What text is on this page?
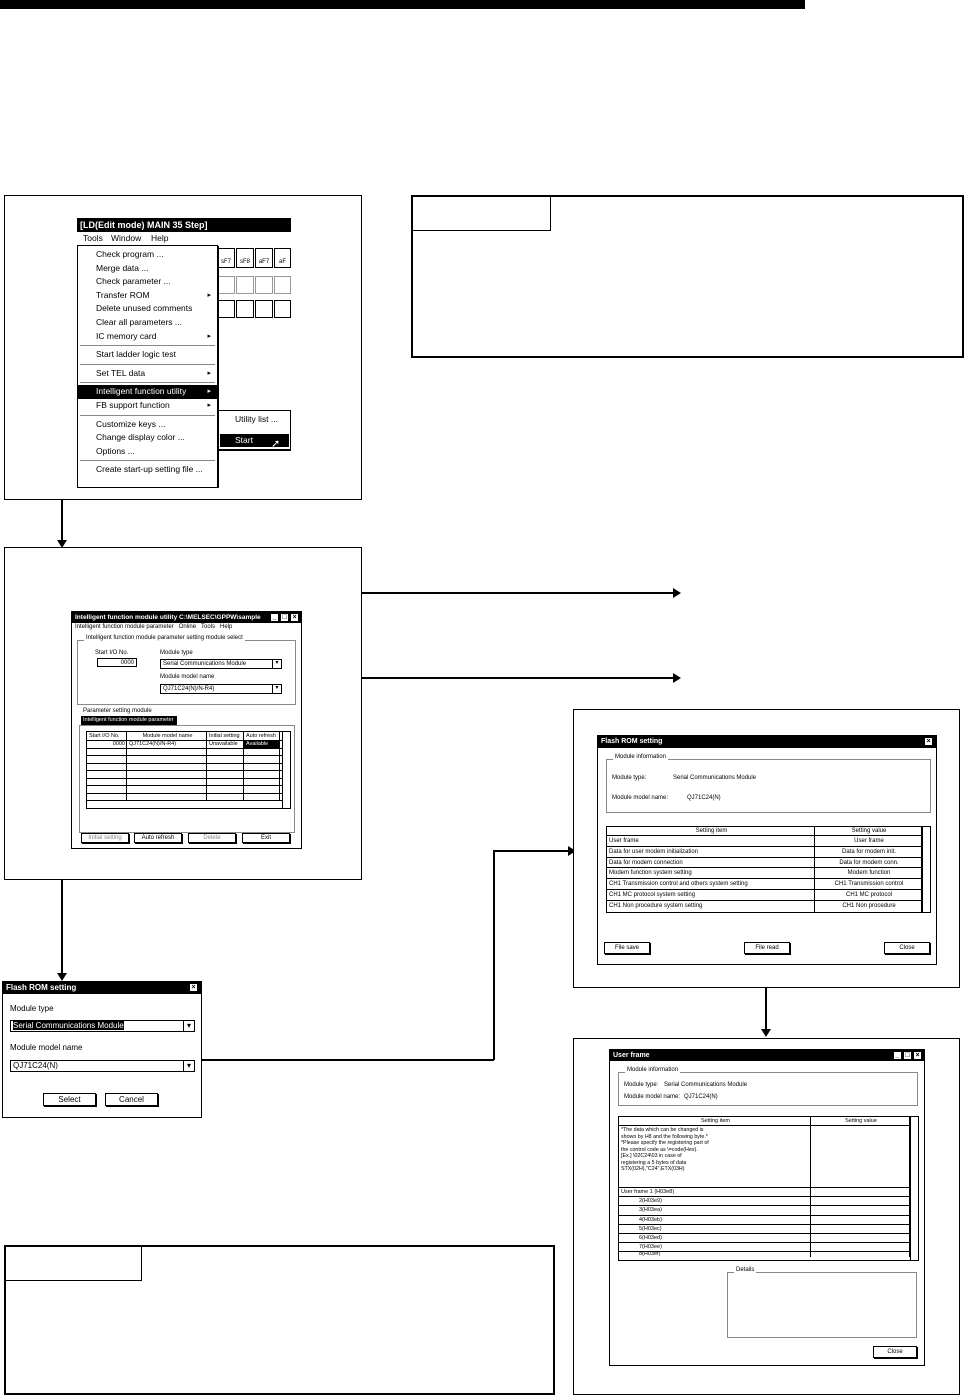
[LD(Edit mode) MAIN 35 Step]
Tools Window Help
sF7	sF8	aF7	aF
Check program ...
Merge data ...
Check parameter ...
Transfer ROM	▸
Delete unused comments
Clear all parameters ...
IC memory card	▸
Start ladder logic test
Set TEL data	▸
Intelligent function utility	▸
FB support function	▸
Customize keys ...
Change display color ...
Options ...
Create start-up setting file ...
Utility list ...
Start	➚
Intelligent function module utility C:\MELSEC\GPPW\sample	_ □ ×
Intelligent function module parameter Online Tools Help
Intelligent function module parameter setting module select
Start I/O No.
0000
Module type
Serial Communications Module	▾
Module model name
QJ71C24(N)/N-R4)	▾
Parameter setting module
Intelligent function module parameter
Start I/O No.	Module model name	Initial setting	Auto refresh
0000 QJ71C24(N)/N-R4)	Unavailable	Available
Initial setting	Auto refresh	Delete	Exit
Flash ROM setting	×
Module type
Serial Communications Module	▾
Module model name
QJ71C24(N)	▾
Select	Cancel
Flash ROM setting	×
Module information
Module type:	Serial Communications Module
Module model name:	QJ71C24(N)
Setting item	Setting value
User frame	User frame
Data for user modem initialization	Data for modem init.
Data for modem connection	Data for modem conn.
Modem function system setting	Modem function
CH1 Transmission control and others system setting	CH1 Transmission control
CH1 MC protocol system setting	CH1 MC protocol
CH1 Non procedure system setting	CH1 Non procedure
File save	File read	Close
User frame	_ □ ×
Module information
Module type: Serial Communications Module
Module model name: QJ71C24(N)
Setting item	Setting value
*The data which can be changed is
shown by H8 and the following byte.*
*Please specify the registering part of
the control code as \=code(Hex).
[Ex.] \02C24\03 in case of
registering a 5 bytes of data
STX(02H),"C24",ETX(03H)
User frame 1 (H03e8)
2(H03e9)
3(H03ea)
4(H03eb)
5(H03ec)
6(H03ed)
7(H03ee)
8(H03ef)
Details
Close
